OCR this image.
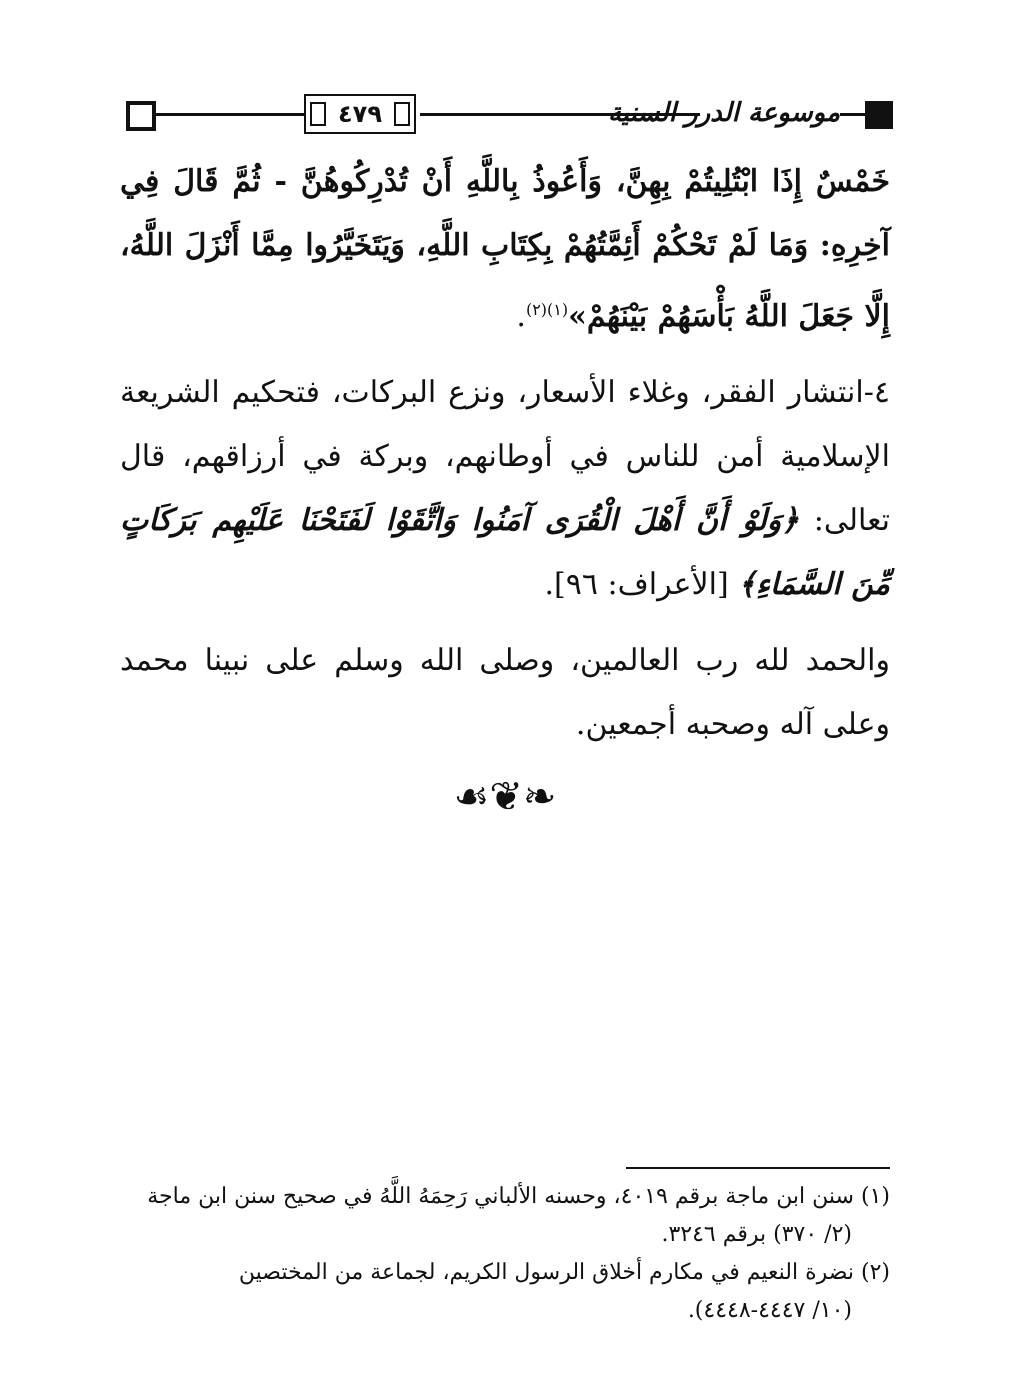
٤٧٩	موسوعة الدرر السنية

خَمْسٌ إِذَا ابْتُلِيتُمْ بِهِنَّ، وَأَعُوذُ بِاللَّهِ أَنْ تُدْرِكُوهُنَّ - ثُمَّ قَالَ فِي آخِرِهِ: وَمَا لَمْ تَحْكُمْ أَئِمَّتُهُمْ بِكِتَابِ اللَّهِ، وَيَتَخَيَّرُوا مِمَّا أَنْزَلَ اللَّهُ، إِلَّا جَعَلَ اللَّهُ بَأْسَهُمْ بَيْنَهُمْ»$^{(١)(٢)}$.

٤-انتشار الفقر، وغلاء الأسعار، ونزع البركات، فتحكيم الشريعة الإسلامية أمن للناس في أوطانهم، وبركة في أرزاقهم، قال تعالى: ﴿وَلَوْ أَنَّ أَهْلَ الْقُرَى آمَنُوا وَاتَّقَوْا لَفَتَحْنَا عَلَيْهِم بَرَكَاتٍ مِّنَ السَّمَاءِ﴾ [الأعراف: ٩٦].

والحمد لله رب العالمين، وصلى الله وسلم على نبينا محمد وعلى آله وصحبه أجمعين.

❧❦☙

(١) سنن ابن ماجة برقم ٤٠١٩، وحسنه الألباني رَحِمَهُ اللَّهُ في صحيح سنن ابن ماجة
(٢/ ٣٧٠) برقم ٣٢٤٦.

(٢) نضرة النعيم في مكارم أخلاق الرسول الكريم، لجماعة من المختصين
(١٠/ ٤٤٤٧-٤٤٤٨).
